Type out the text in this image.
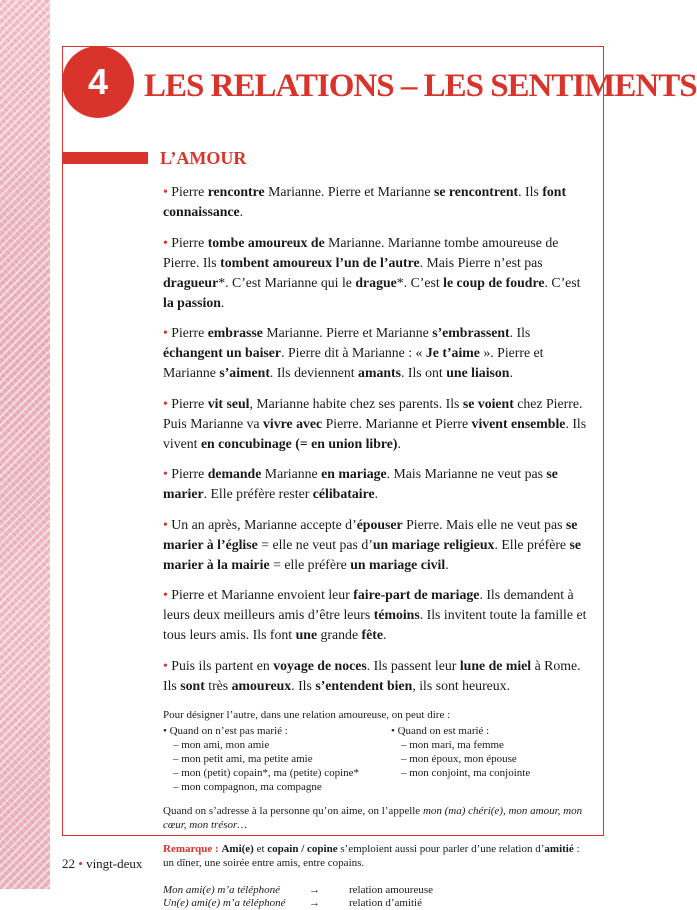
4	LES RELATIONS – LES SENTIMENTS
L’AMOUR

• Pierre rencontre Marianne. Pierre et Marianne se rencontrent. Ils font connaissance.

• Pierre tombe amoureux de Marianne. Marianne tombe amoureuse de Pierre. Ils tombent amoureux l’un de l’autre. Mais Pierre n’est pas dragueur*. C’est Marianne qui le drague*. C’est le coup de foudre. C’est la passion.

• Pierre embrasse Marianne. Pierre et Marianne s’embrassent. Ils échangent un baiser. Pierre dit à Marianne : « Je t’aime ». Pierre et Marianne s’aiment. Ils deviennent amants. Ils ont une liaison.

• Pierre vit seul, Marianne habite chez ses parents. Ils se voient chez Pierre. Puis Marianne va vivre avec Pierre. Marianne et Pierre vivent ensemble. Ils vivent en concubinage (= en union libre).

• Pierre demande Marianne en mariage. Mais Marianne ne veut pas se marier. Elle préfère rester célibataire.

• Un an après, Marianne accepte d’épouser Pierre. Mais elle ne veut pas se marier à l’église = elle ne veut pas d’un mariage religieux. Elle préfère se marier à la mairie = elle préfère un mariage civil.

• Pierre et Marianne envoient leur faire-part de mariage. Ils demandent à leurs deux meilleurs amis d’être leurs témoins. Ils invitent toute la famille et tous leurs amis. Ils font une grande fête.

• Puis ils partent en voyage de noces. Ils passent leur lune de miel à Rome. Ils sont très amoureux. Ils s’entendent bien, ils sont heureux.

Pour désigner l’autre, dans une relation amoureuse, on peut dire :

• Quand on n’est pas marié :
– mon ami, mon amie
– mon petit ami, ma petite amie
– mon (petit) copain*, ma (petite) copine*
– mon compagnon, ma compagne
• Quand on est marié :
– mon mari, ma femme
– mon époux, mon épouse
– mon conjoint, ma conjointe

Quand on s’adresse à la personne qu’on aime, on l’appelle mon (ma) chéri(e), mon amour, mon cœur, mon trésor…

Remarque : Ami(e) et copain / copine s’emploient aussi pour parler d’une relation d’amitié : un dîner, une soirée entre amis, entre copains.

Mon ami(e) m’a téléphoné	→	relation amoureuse
Un(e) ami(e) m’a téléphoné	→	relation d’amitié
22 • vingt-deux
